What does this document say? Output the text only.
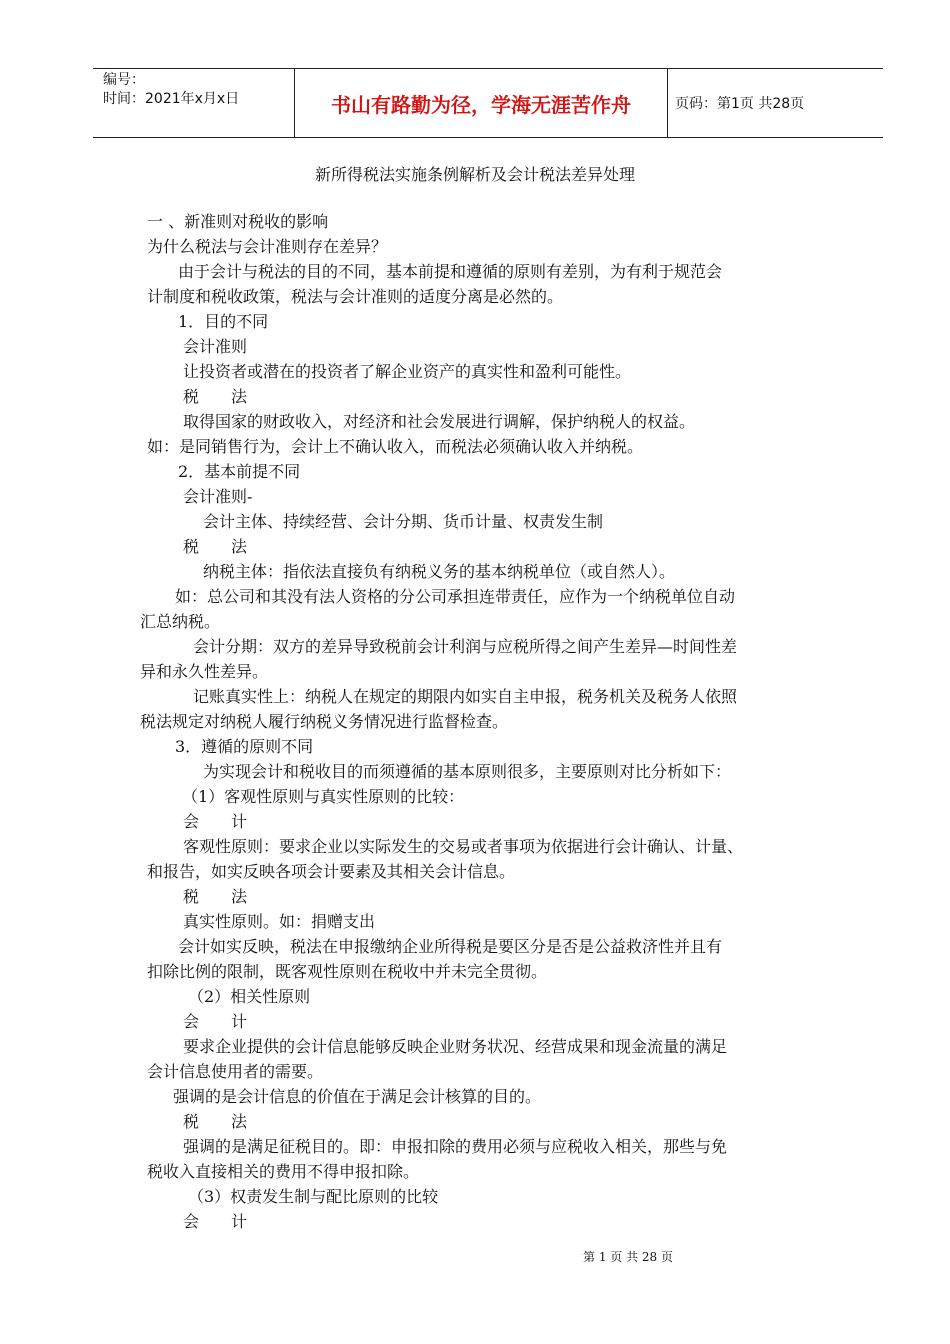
编号：
时间：2021年x月x日	书山有路勤为径，学海无涯苦作舟	页码：第1页 共28页
新所得税法实施条例解析及会计税法差异处理
一 、新准则对税收的影响
为什么税法与会计准则存在差异？
由于会计与税法的目的不同，基本前提和遵循的原则有差别，为有利于规范会
计制度和税收政策，税法与会计准则的适度分离是必然的。
1．目的不同
会计准则
让投资者或潜在的投资者了解企业资产的真实性和盈利可能性。
税　　法
取得国家的财政收入，对经济和社会发展进行调解，保护纳税人的权益。
如：是同销售行为，会计上不确认收入，而税法必须确认收入并纳税。
2．基本前提不同
会计准则-
会计主体、持续经营、会计分期、货币计量、权责发生制
税　　法
纳税主体：指依法直接负有纳税义务的基本纳税单位（或自然人）。
如：总公司和其没有法人资格的分公司承担连带责任，应作为一个纳税单位自动
汇总纳税。
会计分期：双方的差异导致税前会计利润与应税所得之间产生差异—时间性差
异和永久性差异。
记账真实性上：纳税人在规定的期限内如实自主申报，税务机关及税务人依照
税法规定对纳税人履行纳税义务情况进行监督检查。
3．遵循的原则不同
为实现会计和税收目的而须遵循的基本原则很多，主要原则对比分析如下：
（1）客观性原则与真实性原则的比较：
会　　计
客观性原则：要求企业以实际发生的交易或者事项为依据进行会计确认、计量、
和报告，如实反映各项会计要素及其相关会计信息。
税　　法
真实性原则。如：捐赠支出
会计如实反映，税法在申报缴纳企业所得税是要区分是否是公益救济性并且有
扣除比例的限制，既客观性原则在税收中并未完全贯彻。
（2）相关性原则
会　　计
要求企业提供的会计信息能够反映企业财务状况、经营成果和现金流量的满足
会计信息使用者的需要。
强调的是会计信息的价值在于满足会计核算的目的。
税　　法
强调的是满足征税目的。即：申报扣除的费用必须与应税收入相关，那些与免
税收入直接相关的费用不得申报扣除。
（3）权责发生制与配比原则的比较
会　　计
第 1 页 共 28 页
